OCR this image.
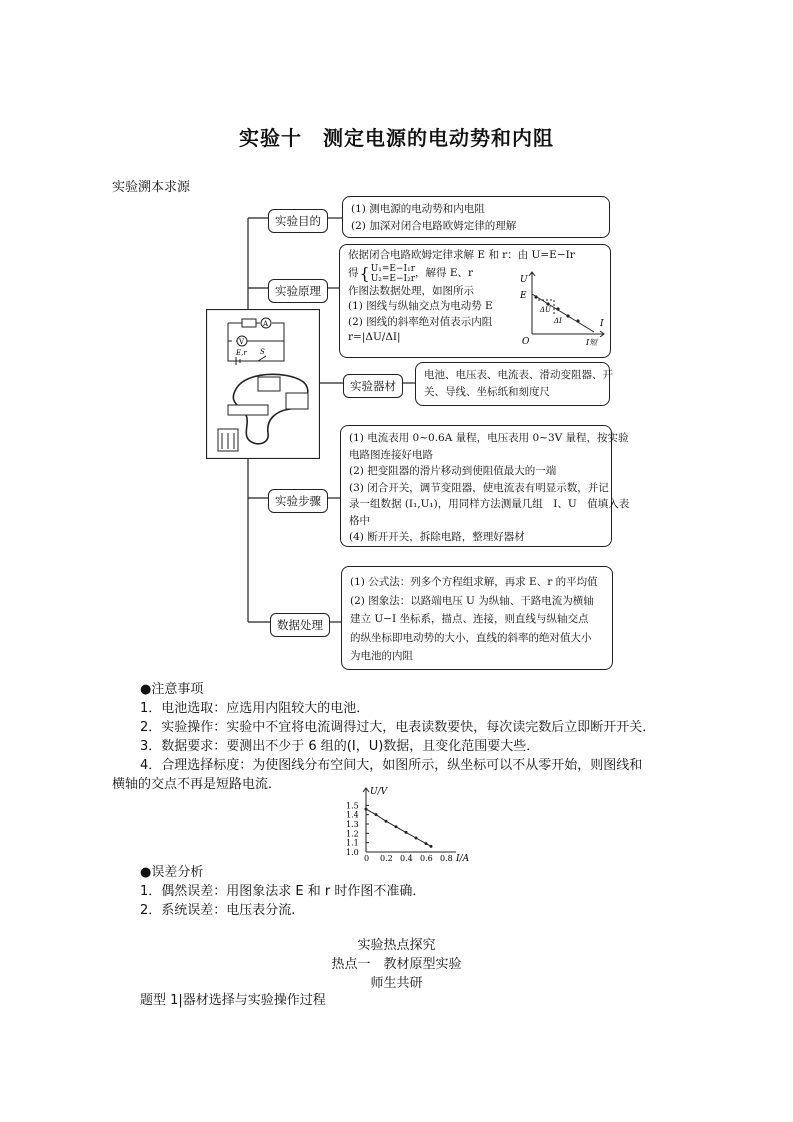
实验十　测定电源的电动势和内阻
实验溯本求源
实验目的
实验原理
实验器材
实验步骤
数据处理
(1) 测电源的电动势和内电阻
(2) 加深对闭合电路欧姆定律的理解
依据闭合电路欧姆定律求解 E 和 r：由 U=E−Ir
得 { U₁=E−I₁r
U₂=E−I₂r ，解得 E、r
作图法数据处理，如图所示
(1) 图线与纵轴交点为电动势 E
(2) 图线的斜率绝对值表示内阻
r=|ΔU/ΔI|
U
E
I
O	I短
ΔU
ΔI
电池、电压表、电流表、滑动变阻器、开
关、导线、坐标纸和刻度尺
(1) 电流表用 0~0.6A 量程，电压表用 0~3V 量程，按实验
电路图连接好电路
(2) 把变阻器的滑片移动到使阻值最大的一端
(3) 闭合开关，调节变阻器，使电流表有明显示数，并记
录一组数据 (I₁,U₁)，用同样方法测量几组　I、U　值填入表
格中
(4) 断开开关，拆除电路，整理好器材
(1) 公式法：列多个方程组求解，再求 E、r 的平均值
(2) 图象法：以路端电压 U 为纵轴、干路电流为横轴
建立 U−I 坐标系，描点、连接，则直线与纵轴交点
的纵坐标即电动势的大小，直线的斜率的绝对值大小
为电池的内阻
A
V
E,r S
●注意事项
1．电池选取：应选用内阻较大的电池．
2．实验操作：实验中不宜将电流调得过大，电表读数要快，每次读完数后立即断开开关．
3．数据要求：要测出不少于 6 组的(I，U)数据，且变化范围要大些．
4．合理选择标度：为使图线分布空间大，如图所示，纵坐标可以不从零开始，则图线和
横轴的交点不再是短路电流．	U/V
I/A
0 0.2 0.4 0.6 0.8
1.0
1.1
1.2
1.3
1.4
1.5
●误差分析
1．偶然误差：用图象法求 E 和 r 时作图不准确．
2．系统误差：电压表分流.
实验热点探究
热点一　教材原型实验
师生共研
题型 1|器材选择与实验操作过程
